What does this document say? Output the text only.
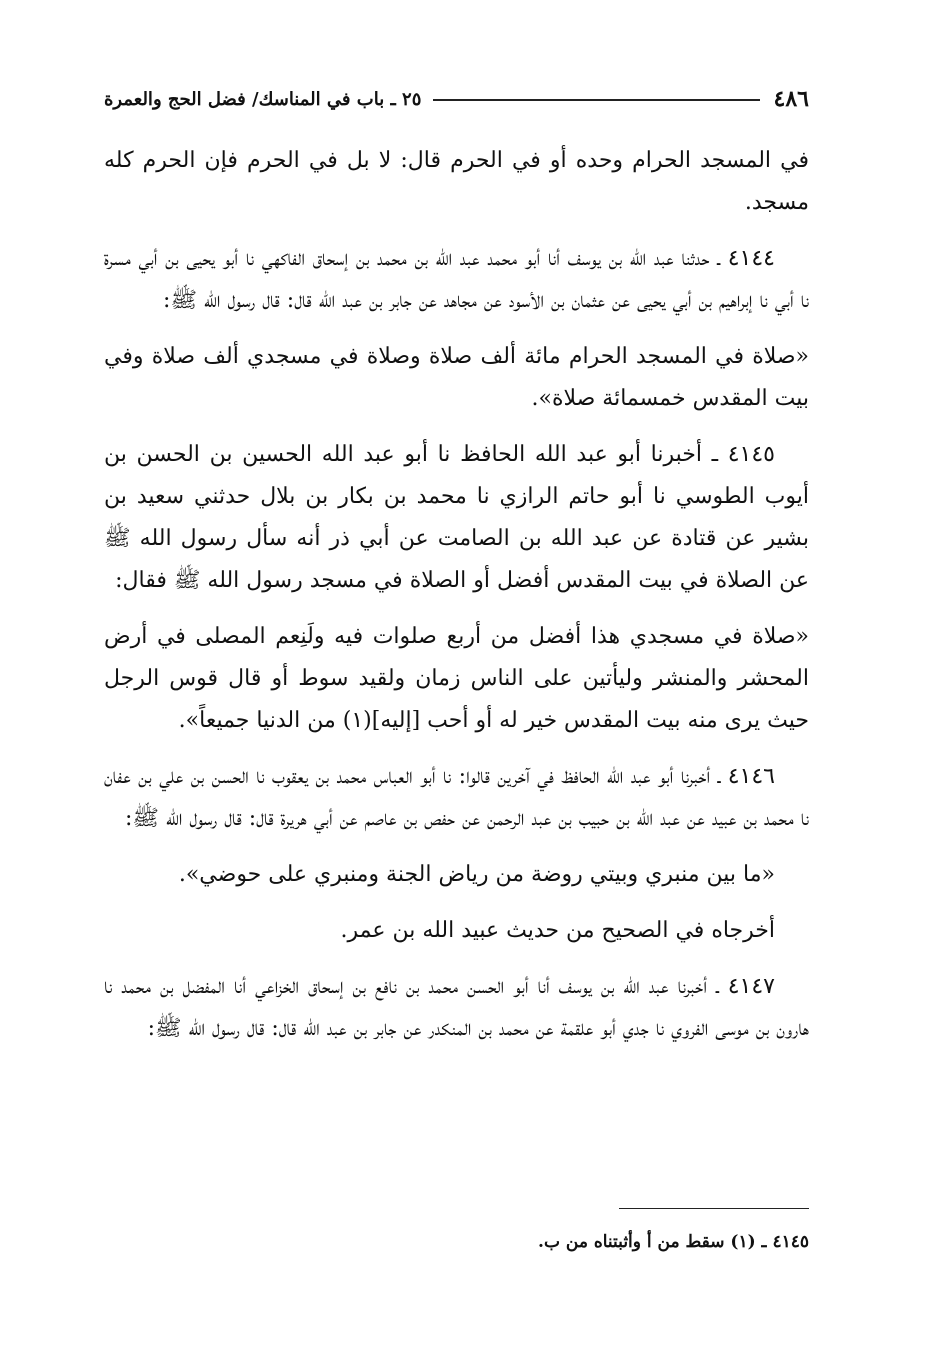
٤٨٦
٢٥ ـ باب في المناسك/ فضل الحج والعمرة

في المسجد الحرام وحده أو في الحرم قال: لا بل في الحرم فإن الحرم كله مسجد.

٤١٤٤ ـ حدثنا عبد الله بن يوسف أنا أبو محمد عبد الله بن محمد بن إسحاق الفاكهي نا أبو يحيى بن أبي مسرة نا أبي نا إبراهيم بن أبي يحيى عن عثمان بن الأسود عن مجاهد عن جابر بن عبد الله قال: قال رسول الله ﷺ:

«صلاة في المسجد الحرام مائة ألف صلاة وصلاة في مسجدي ألف صلاة وفي بيت المقدس خمسمائة صلاة».

٤١٤٥ ـ أخبرنا أبو عبد الله الحافظ نا أبو عبد الله الحسين بن الحسن بن أيوب الطوسي نا أبو حاتم الرازي نا محمد بن بكار بن بلال حدثني سعيد بن بشير عن قتادة عن عبد الله بن الصامت عن أبي ذر أنه سأل رسول الله ﷺ عن الصلاة في بيت المقدس أفضل أو الصلاة في مسجد رسول الله ﷺ فقال:

«صلاة في مسجدي هذا أفضل من أربع صلوات فيه ولَنِعم المصلى في أرض المحشر والمنشر وليأتين على الناس زمان ولقيد سوط أو قال قوس الرجل حيث يرى منه بيت المقدس خير له أو أحب [إليه](١) من الدنيا جميعاً».

٤١٤٦ ـ أخبرنا أبو عبد الله الحافظ في آخرين قالوا: نا أبو العباس محمد بن يعقوب نا الحسن بن علي بن عفان نا محمد بن عبيد عن عبد الله بن حبيب بن عبد الرحمن عن حفص بن عاصم عن أبي هريرة قال: قال رسول الله ﷺ:

«ما بين منبري وبيتي روضة من رياض الجنة ومنبري على حوضي».

أخرجاه في الصحيح من حديث عبيد الله بن عمر.

٤١٤٧ ـ أخبرنا عبد الله بن يوسف أنا أبو الحسن محمد بن نافع بن إسحاق الخزاعي أنا المفضل بن محمد نا هارون بن موسى الفروي نا جدي أبو علقمة عن محمد بن المنكدر عن جابر بن عبد الله قال: قال رسول الله ﷺ:

٤١٤٥ ـ (١) سقط من أ وأثبتناه من ب.
